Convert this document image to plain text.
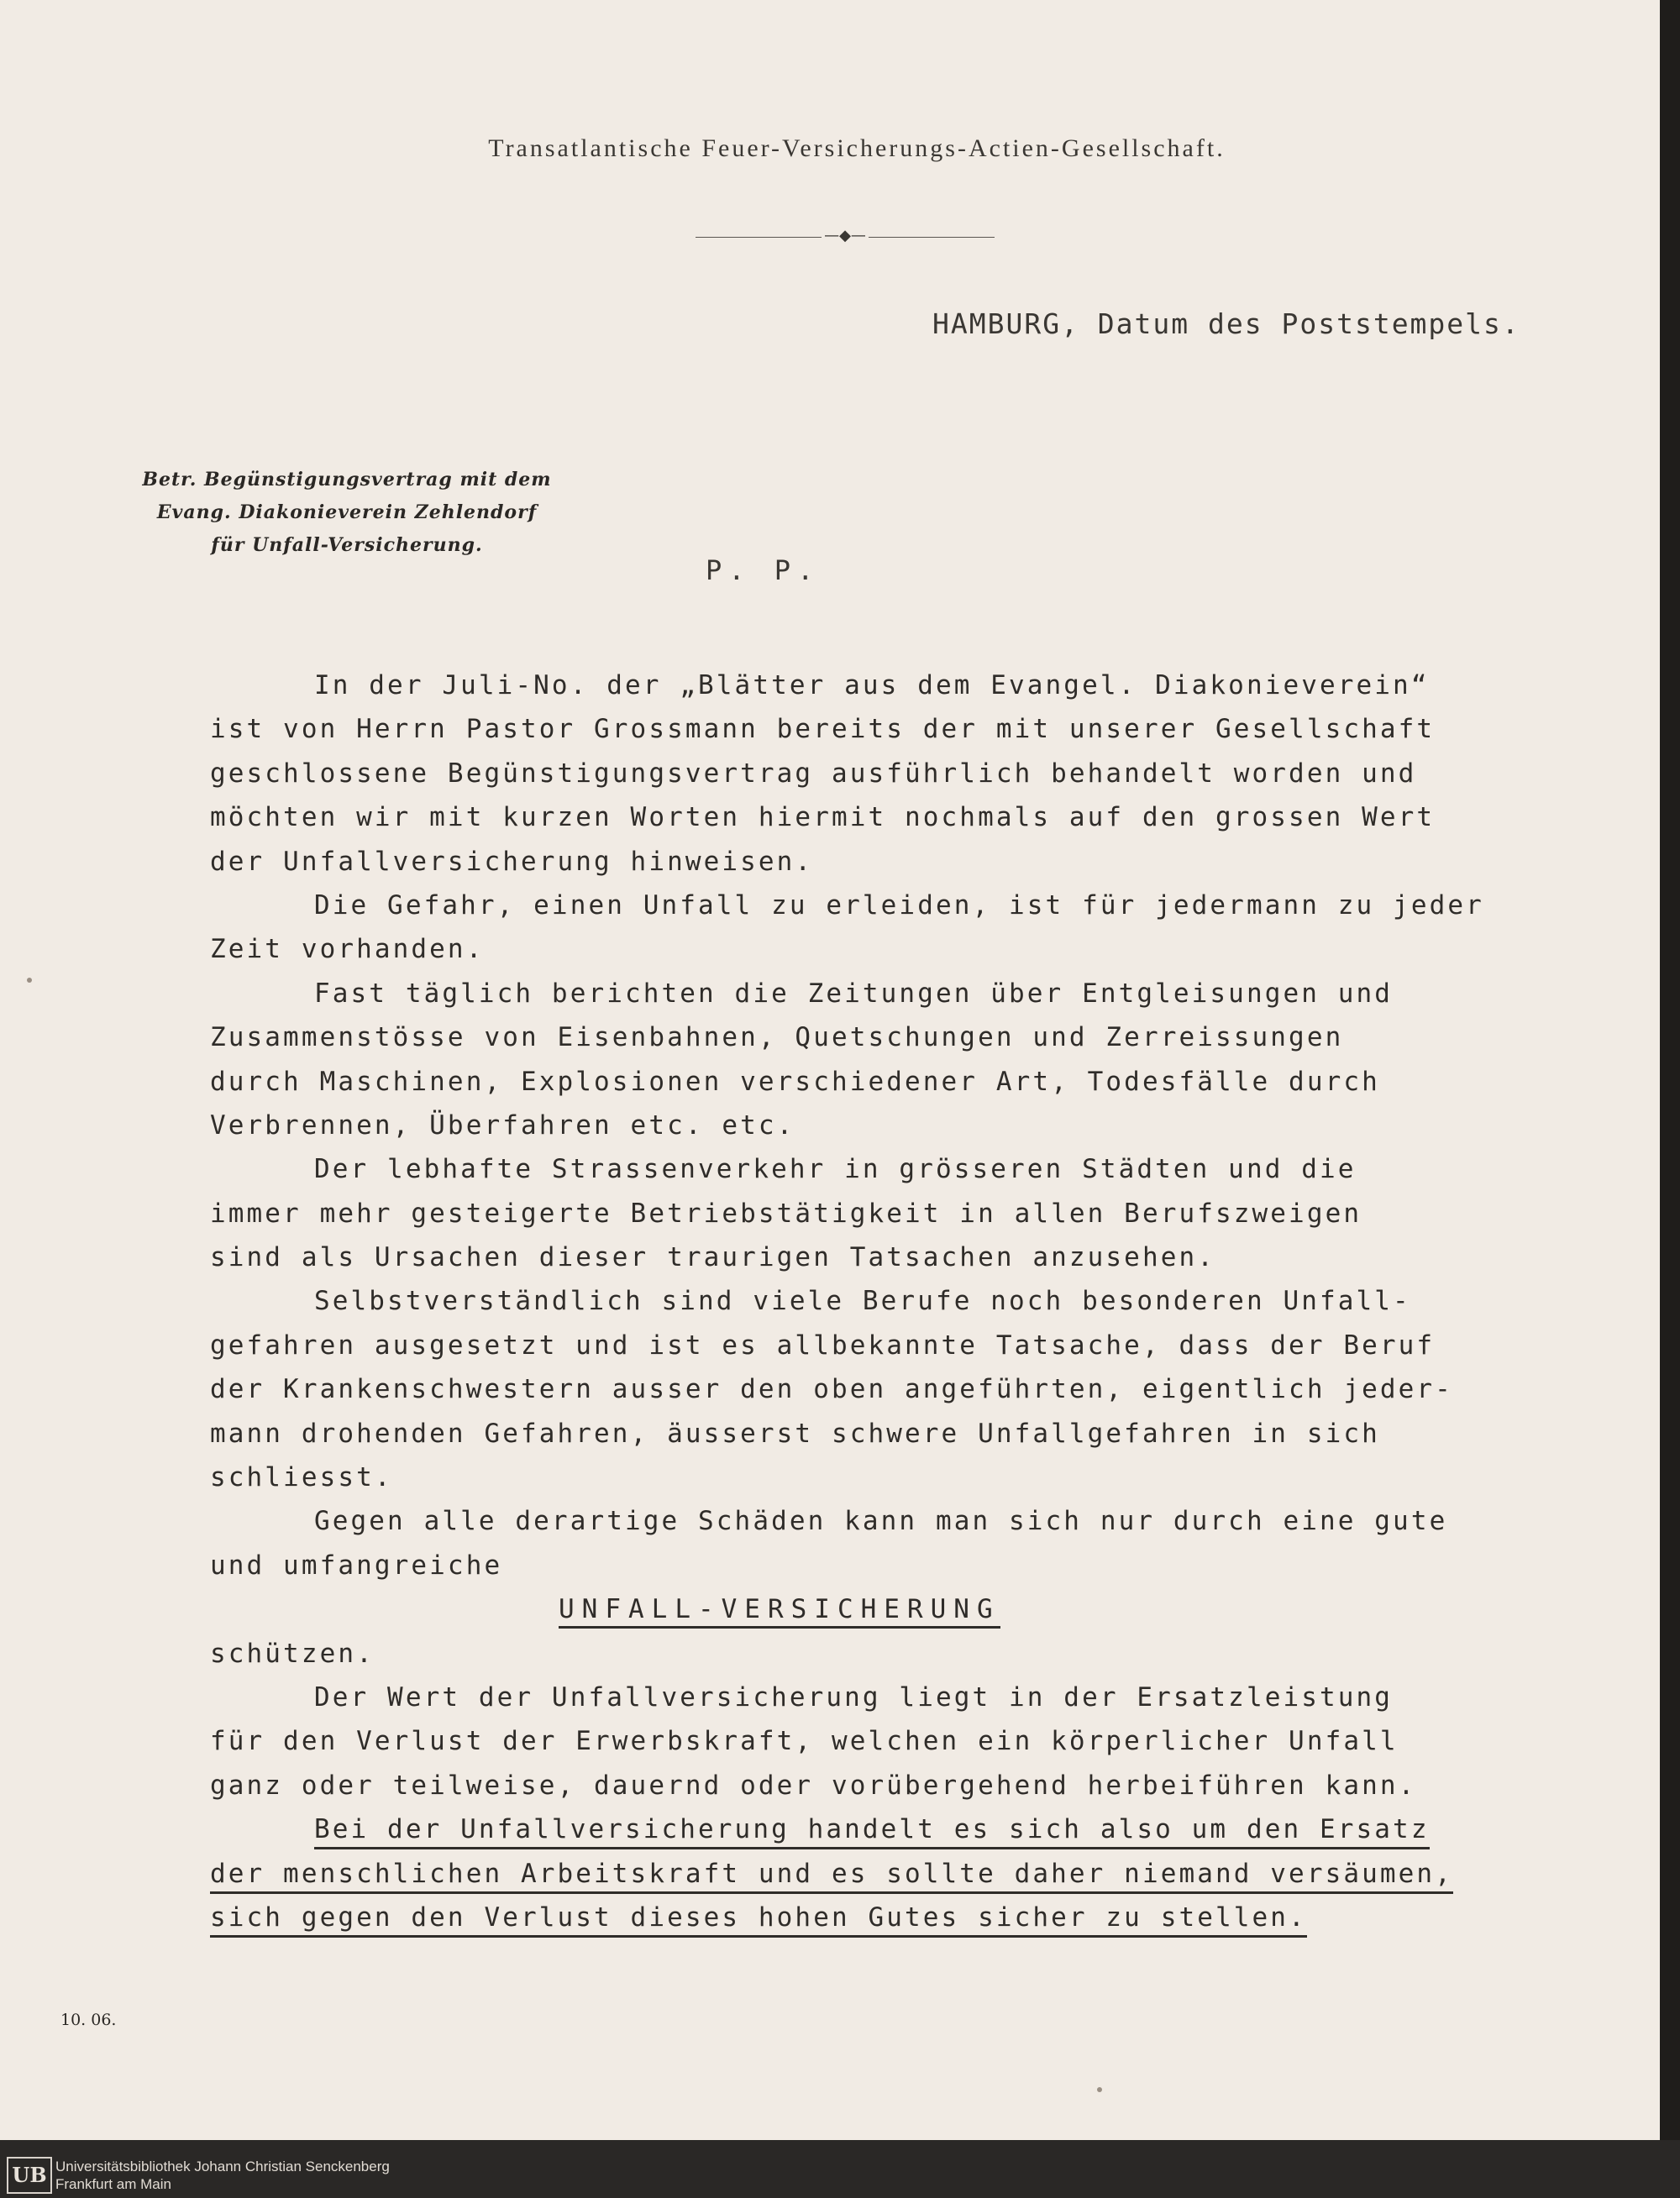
Transatlantische Feuer-Versicherungs-Actien-Gesellschaft.
—◆—
HAMBURG, Datum des Poststempels.
Betr. Begünstigungsvertrag mit dem
Evang. Diakonieverein Zehlendorf
für Unfall-Versicherung.
P. P.
In der Juli-No. der „Blätter aus dem Evangel. Diakonieverein“
ist von Herrn Pastor Grossmann bereits der mit unserer Gesellschaft
geschlossene Begünstigungsvertrag ausführlich behandelt worden und
möchten wir mit kurzen Worten hiermit nochmals auf den grossen Wert
der Unfallversicherung hinweisen.
Die Gefahr, einen Unfall zu erleiden, ist für jedermann zu jeder
Zeit vorhanden.
Fast täglich berichten die Zeitungen über Entgleisungen und
Zusammenstösse von Eisenbahnen, Quetschungen und Zerreissungen
durch Maschinen, Explosionen verschiedener Art, Todesfälle durch
Verbrennen, Überfahren etc. etc.
Der lebhafte Strassenverkehr in grösseren Städten und die
immer mehr gesteigerte Betriebstätigkeit in allen Berufszweigen
sind als Ursachen dieser traurigen Tatsachen anzusehen.
Selbstverständlich sind viele Berufe noch besonderen Unfall-
gefahren ausgesetzt und ist es allbekannte Tatsache, dass der Beruf
der Krankenschwestern ausser den oben angeführten, eigentlich jeder-
mann drohenden Gefahren, äusserst schwere Unfallgefahren in sich
schliesst.
Gegen alle derartige Schäden kann man sich nur durch eine gute
und umfangreiche
UNFALL-VERSICHERUNG
schützen.
Der Wert der Unfallversicherung liegt in der Ersatzleistung
für den Verlust der Erwerbskraft, welchen ein körperlicher Unfall
ganz oder teilweise, dauernd oder vorübergehend herbeiführen kann.
Bei der Unfallversicherung handelt es sich also um den Ersatz
der menschlichen Arbeitskraft und es sollte daher niemand versäumen,
sich gegen den Verlust dieses hohen Gutes sicher zu stellen.
10. 06.
UB Universitätsbibliothek Johann Christian Senckenberg
Frankfurt am Main
